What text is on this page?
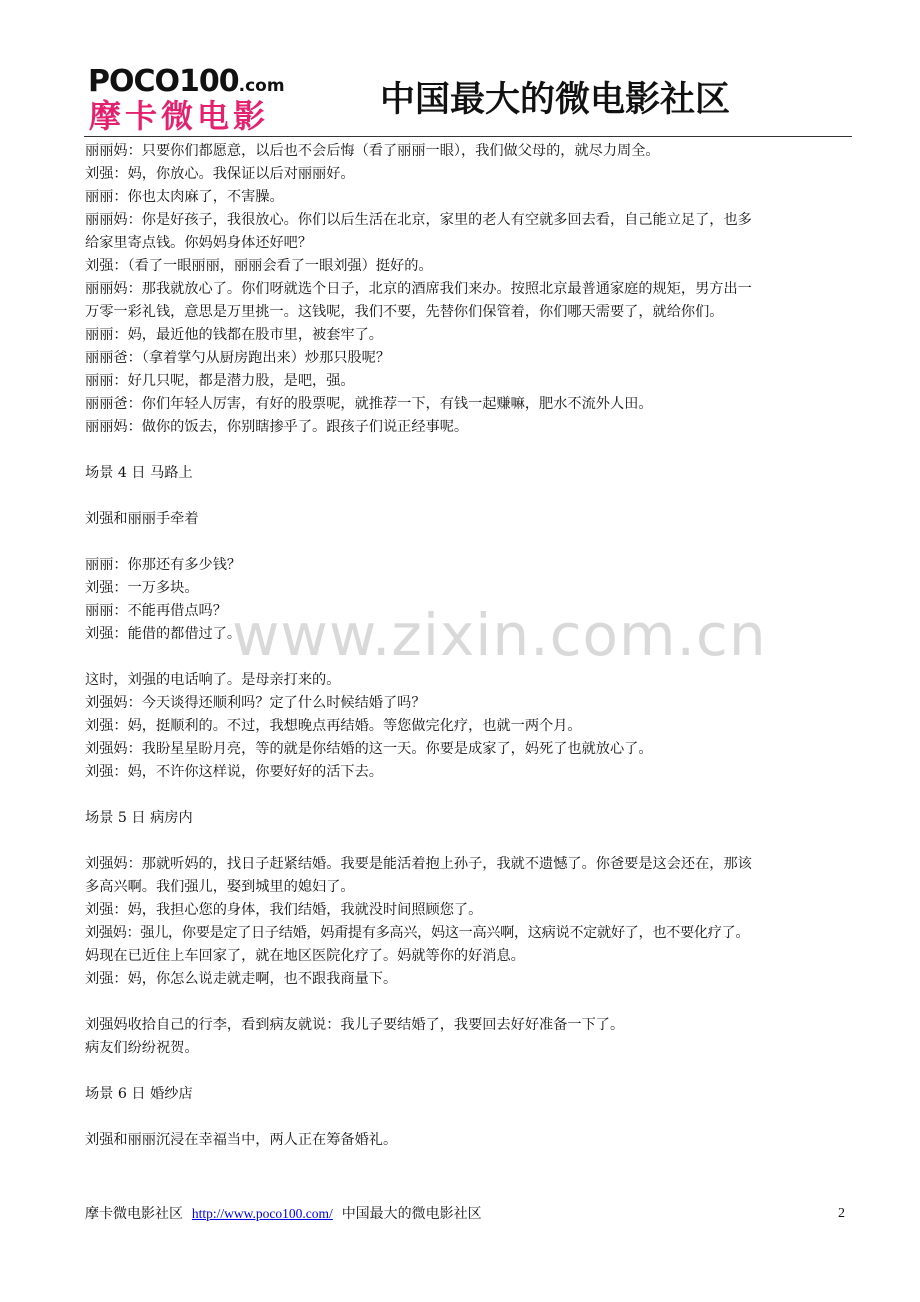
POCO100.com
摩卡微电影	中国最大的微电影社区
www.zixin.com.cn

丽丽妈：只要你们都愿意，以后也不会后悔（看了丽丽一眼），我们做父母的，就尽力周全。

刘强：妈，你放心。我保证以后对丽丽好。

丽丽：你也太肉麻了，不害臊。

丽丽妈：你是好孩子，我很放心。你们以后生活在北京，家里的老人有空就多回去看，自己能立足了，也多

给家里寄点钱。你妈妈身体还好吧？

刘强：（看了一眼丽丽，丽丽会看了一眼刘强）挺好的。

丽丽妈：那我就放心了。你们呀就选个日子，北京的酒席我们来办。按照北京最普通家庭的规矩，男方出一

万零一彩礼钱，意思是万里挑一。这钱呢，我们不要，先替你们保管着，你们哪天需要了，就给你们。

丽丽：妈，最近他的钱都在股市里，被套牢了。

丽丽爸：（拿着掌勺从厨房跑出来）炒那只股呢？

丽丽：好几只呢，都是潜力股，是吧，强。

丽丽爸：你们年轻人厉害，有好的股票呢，就推荐一下，有钱一起赚嘛，肥水不流外人田。

丽丽妈：做你的饭去，你别瞎掺乎了。跟孩子们说正经事呢。

场景 4 日 马路上

刘强和丽丽手牵着

丽丽：你那还有多少钱？

刘强：一万多块。

丽丽：不能再借点吗？

刘强：能借的都借过了。

这时，刘强的电话响了。是母亲打来的。

刘强妈：今天谈得还顺利吗？定了什么时候结婚了吗？

刘强：妈，挺顺利的。不过，我想晚点再结婚。等您做完化疗，也就一两个月。

刘强妈：我盼星星盼月亮，等的就是你结婚的这一天。你要是成家了，妈死了也就放心了。

刘强：妈，不许你这样说，你要好好的活下去。

场景 5 日 病房内

刘强妈：那就听妈的，找日子赶紧结婚。我要是能活着抱上孙子，我就不遗憾了。你爸要是这会还在，那该

多高兴啊。我们强儿，娶到城里的媳妇了。

刘强：妈，我担心您的身体，我们结婚，我就没时间照顾您了。

刘强妈：强儿，你要是定了日子结婚，妈甭提有多高兴，妈这一高兴啊，这病说不定就好了，也不要化疗了。

妈现在已近住上车回家了，就在地区医院化疗了。妈就等你的好消息。

刘强：妈，你怎么说走就走啊，也不跟我商量下。

刘强妈收拾自己的行李，看到病友就说：我儿子要结婚了，我要回去好好准备一下了。

病友们纷纷祝贺。

场景 6 日 婚纱店

刘强和丽丽沉浸在幸福当中，两人正在筹备婚礼。

摩卡微电影社区 http://www.poco100.com/ 中国最大的微电影社区	2
